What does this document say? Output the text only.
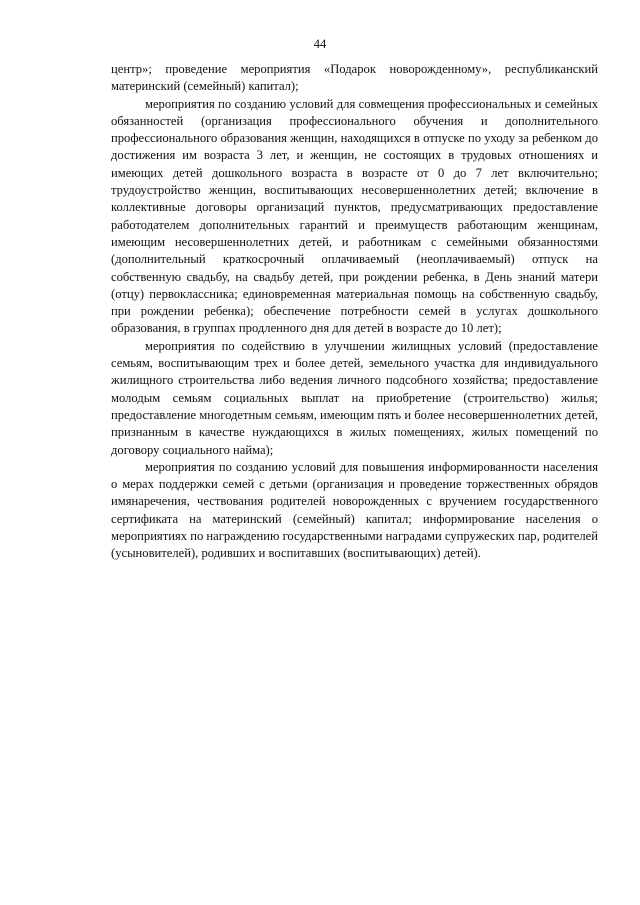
44

центр»; проведение мероприятия «Подарок новорожденному», республиканский материнский (семейный) капитал);

мероприятия по созданию условий для совмещения профессиональных и семейных обязанностей (организация профессионального обучения и дополнительного профессионального образования женщин, находящихся в отпуске по уходу за ребенком до достижения им возраста 3 лет, и женщин, не состоящих в трудовых отношениях и имеющих детей дошкольного возраста в возрасте от 0 до 7 лет включительно; трудоустройство женщин, воспитывающих несовершеннолетних детей; включение в коллективные договоры организаций пунктов, предусматривающих предоставление работодателем дополнительных гарантий и преимуществ работающим женщинам, имеющим несовершеннолетних детей, и работникам с семейными обязанностями (дополнительный краткосрочный оплачиваемый (неоплачиваемый) отпуск на собственную свадьбу, на свадьбу детей, при рождении ребенка, в День знаний матери (отцу) первоклассника; единовременная материальная помощь на собственную свадьбу, при рождении ребенка); обеспечение потребности семей в услугах дошкольного образования, в группах продленного дня для детей в возрасте до 10 лет);

мероприятия по содействию в улучшении жилищных условий (предоставление семьям, воспитывающим трех и более детей, земельного участка для индивидуального жилищного строительства либо ведения личного подсобного хозяйства; предоставление молодым семьям социальных выплат на приобретение (строительство) жилья; предоставление многодетным семьям, имеющим пять и более несовершеннолетних детей, признанным в качестве нуждающихся в жилых помещениях, жилых помещений по договору социального найма);

мероприятия по созданию условий для повышения информированности населения о мерах поддержки семей с детьми (организация и проведение торжественных обрядов имянаречения, чествования родителей новорожденных с вручением государственного сертификата на материнский (семейный) капитал; информирование населения о мероприятиях по награждению государственными наградами супружеских пар, родителей (усыновителей), родивших и воспитавших (воспитывающих) детей).
